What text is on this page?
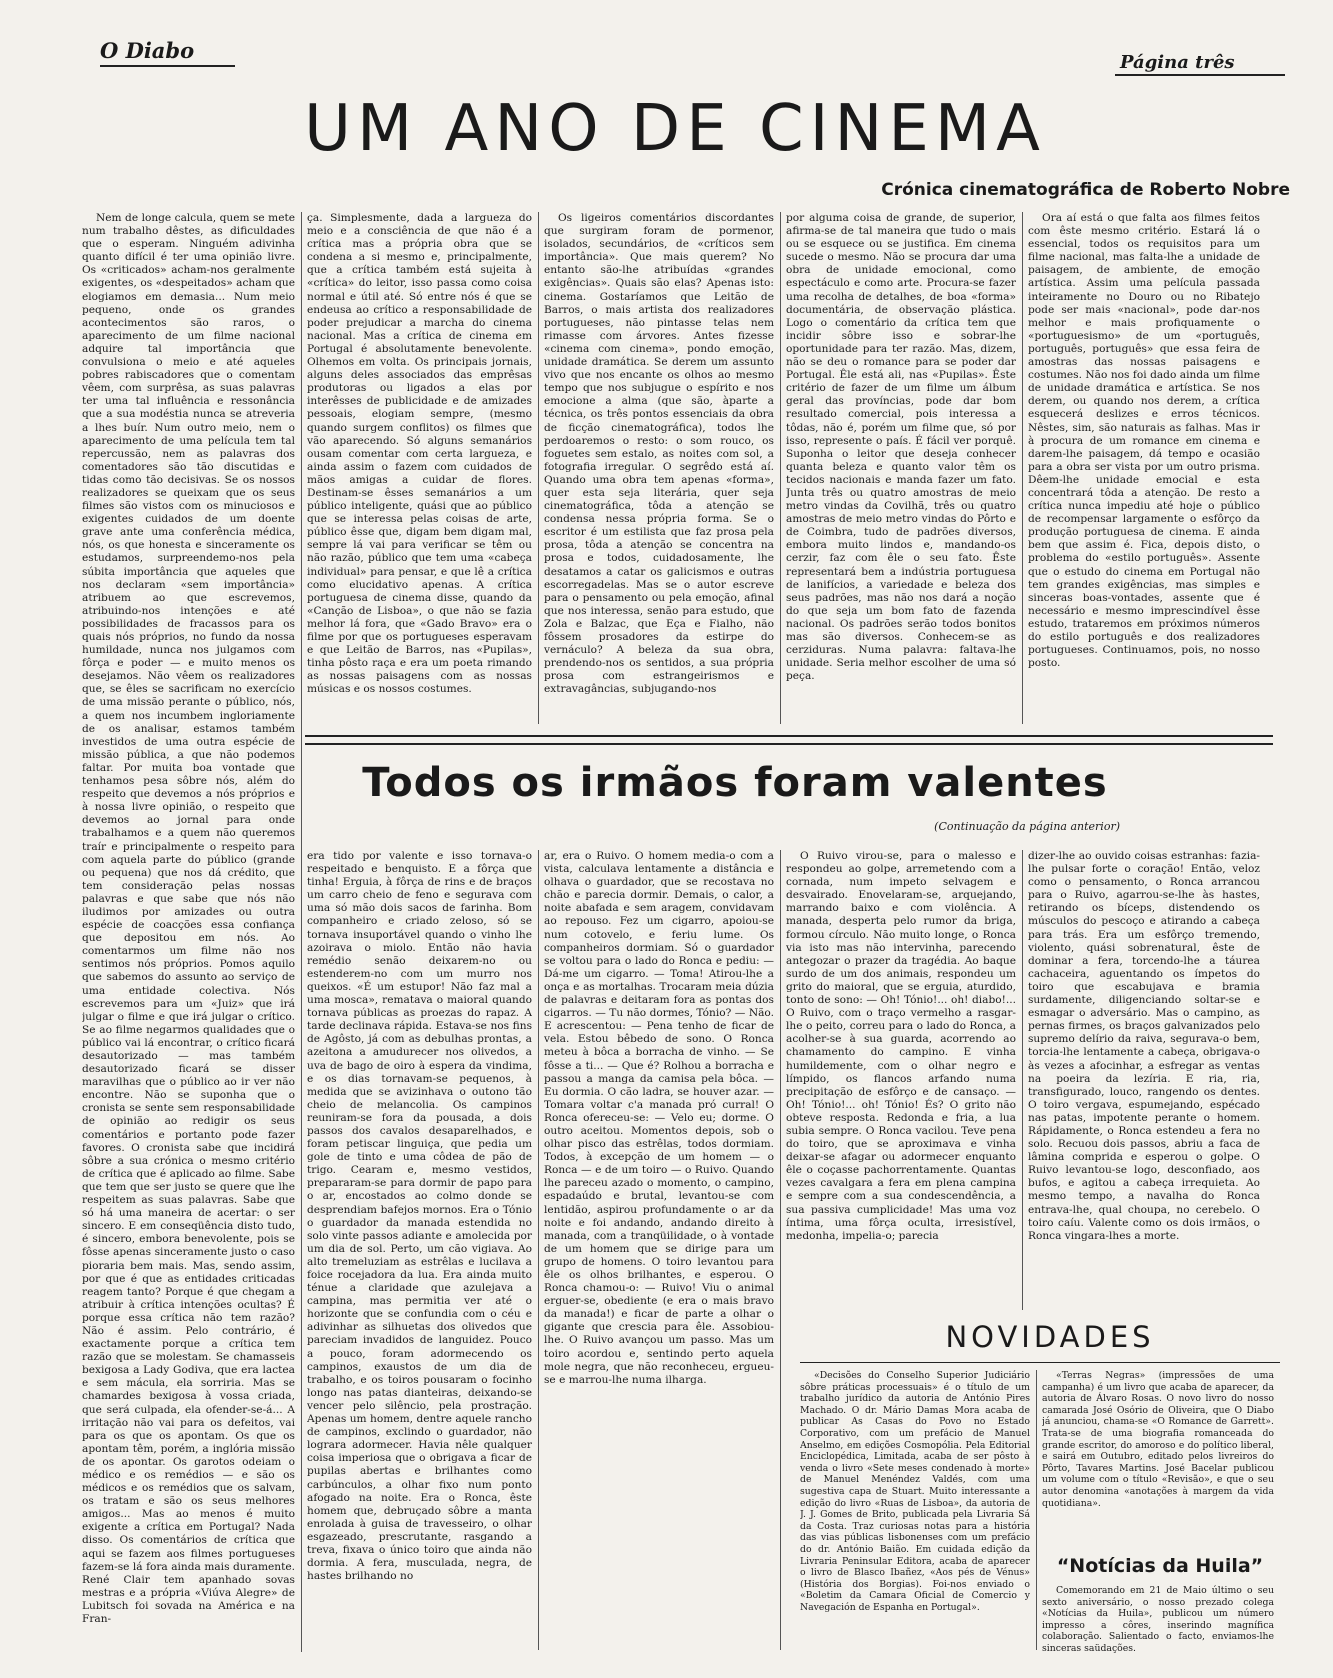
O Diabo	Página três
UM ANO DE CINEMA
Crónica cinematográfica de Roberto Nobre

Nem de longe calcula, quem se mete num trabalho dêstes, as dificuldades que o esperam. Ninguém adivinha quanto difícil é ter uma opinião livre. Os «criticados» acham-nos geralmente exigentes, os «despeitados» acham que elogiamos em demasia... Num meio pequeno, onde os grandes acontecimentos são raros, o aparecimento de um filme nacional adquire tal importância que convulsiona o meio e até aqueles pobres rabiscadores que o comentam vêem, com surprêsa, as suas palavras ter uma tal influência e ressonância que a sua modéstia nunca se atreveria a lhes buír. Num outro meio, nem o aparecimento de uma película tem tal repercussão, nem as palavras dos comentadores são tão discutidas e tidas como tão decisivas. Se os nossos realizadores se queixam que os seus filmes são vistos com os minuciosos e exigentes cuidados de um doente grave ante uma conferência médica, nós, os que honesta e sinceramente os estudamos, surpreendemo-nos pela súbita importância que aqueles que nos declaram «sem importância» atribuem ao que escrevemos, atribuindo-nos intenções e até possibilidades de fracassos para os quais nós próprios, no fundo da nossa humildade, nunca nos julgamos com fôrça e poder — e muito menos os desejamos. Não vêem os realizadores que, se êles se sacrificam no exercício de uma missão perante o público, nós, a quem nos incumbem ingloriamente de os analisar, estamos também investidos de uma outra espécie de missão pública, a que não podemos faltar. Por muita boa vontade que tenhamos pesa sôbre nós, além do respeito que devemos a nós próprios e à nossa livre opinião, o respeito que devemos ao jornal para onde trabalhamos e a quem não queremos traír e principalmente o respeito para com aquela parte do público (grande ou pequena) que nos dá crédito, que tem consideração pelas nossas palavras e que sabe que nós não iludimos por amizades ou outra espécie de coacções essa confiança que depositou em nós. Ao comentarmos um filme não nos sentimos nós próprios. Pomos aquilo que sabemos do assunto ao serviço de uma entidade colectiva. Nós escrevemos para um «Juiz» que irá julgar o filme e que irá julgar o crítico. Se ao filme negarmos qualidades que o público vai lá encontrar, o crítico ficará desautorizado — mas também desautorizado ficará se disser maravilhas que o público ao ir ver não encontre. Não se suponha que o cronista se sente sem responsabilidade de opinião ao redigir os seus comentários e portanto pode fazer favores. O cronista sabe que incidirá sôbre a sua crónica o mesmo critério de crítica que é aplicado ao filme. Sabe que tem que ser justo se quere que lhe respeitem as suas palavras. Sabe que só há uma maneira de acertar: o ser sincero. E em conseqüência disto tudo, é sincero, embora benevolente, pois se fôsse apenas sinceramente justo o caso pioraria bem mais. Mas, sendo assim, por que é que as entidades criticadas reagem tanto? Porque é que chegam a atribuir à crítica intenções ocultas? É porque essa crítica não tem razão? Não é assim. Pelo contrário, é exactamente porque a crítica tem razão que se molestam. Se chamasseis bexigosa a Lady Godiva, que era lactea e sem mácula, ela sorriria. Mas se chamardes bexigosa à vossa criada, que será culpada, ela ofender-se-á... A irritação não vai para os defeitos, vai para os que os apontam. Os que os apontam têm, porém, a inglória missão de os apontar. Os garotos odeiam o médico e os remédios — e são os médicos e os remédios que os salvam, os tratam e são os seus melhores amigos... Mas ao menos é muito exigente a crítica em Portugal? Nada disso. Os comentários de crítica que aqui se fazem aos filmes portugueses fazem-se lá fora ainda mais duramente. René Clair tem apanhado sovas mestras e a própria «Viúva Alegre» de Lubitsch foi sovada na América e na Fran-

ça. Simplesmente, dada a largueza do meio e a consciência de que não é a crítica mas a própria obra que se condena a si mesmo e, principalmente, que a crítica também está sujeita à «crítica» do leitor, isso passa como coisa normal e útil até. Só entre nós é que se endeusa ao crítico a responsabilidade de poder prejudicar a marcha do cinema nacional. Mas a crítica de cinema em Portugal é absolutamente benevolente. Olhemos em volta. Os principais jornais, alguns deles associados das emprêsas produtoras ou ligados a elas por interêsses de publicidade e de amizades pessoais, elogiam sempre, (mesmo quando surgem conflitos) os filmes que vão aparecendo. Só alguns semanários ousam comentar com certa largueza, e ainda assim o fazem com cuidados de mãos amigas a cuidar de flores. Destinam-se êsses semanários a um público inteligente, quási que ao público que se interessa pelas coisas de arte, público êsse que, digam bem digam mal, sempre lá vai para verificar se têm ou não razão, público que tem uma «cabeça individual» para pensar, e que lê a crítica como elucidativo apenas. A crítica portuguesa de cinema disse, quando da «Canção de Lisboa», o que não se fazia melhor lá fora, que «Gado Bravo» era o filme por que os portugueses esperavam e que Leitão de Barros, nas «Pupilas», tinha pôsto raça e era um poeta rimando as nossas paisagens com as nossas músicas e os nossos costumes.

Os ligeiros comentários discordantes que surgiram foram de pormenor, isolados, secundários, de «críticos sem importância». Que mais querem? No entanto são-lhe atribuídas «grandes exigências». Quais são elas? Apenas isto: cinema. Gostaríamos que Leitão de Barros, o mais artista dos realizadores portugueses, não pintasse telas nem rimasse com árvores. Antes fizesse «cinema com cinema», pondo emoção, unidade dramática. Se derem um assunto vivo que nos encante os olhos ao mesmo tempo que nos subjugue o espírito e nos emocione a alma (que são, àparte a técnica, os três pontos essenciais da obra de ficção cinematográfica), todos lhe perdoaremos o resto: o som rouco, os foguetes sem estalo, as noites com sol, a fotografia irregular. O segrêdo está aí. Quando uma obra tem apenas «forma», quer esta seja literária, quer seja cinematográfica, tôda a atenção se condensa nessa própria forma. Se o escritor é um estilista que faz prosa pela prosa, tôda a atenção se concentra na prosa e todos, cuidadosamente, lhe desatamos a catar os galicismos e outras escorregadelas. Mas se o autor escreve para o pensamento ou pela emoção, afinal que nos interessa, senão para estudo, que Zola e Balzac, que Eça e Fialho, não fôssem prosadores da estirpe do vernáculo? A beleza da sua obra, prendendo-nos os sentidos, a sua própria prosa com estrangeirismos e extravagâncias, subjugando-nos

por alguma coisa de grande, de superior, afirma-se de tal maneira que tudo o mais ou se esquece ou se justifica. Em cinema sucede o mesmo. Não se procura dar uma obra de unidade emocional, como espectáculo e como arte. Procura-se fazer uma recolha de detalhes, de boa «forma» documentária, de observação plástica. Logo o comentário da crítica tem que incidir sôbre isso e sobrar-lhe oportunidade para ter razão. Mas, dizem, não se deu o romance para se poder dar Portugal. Êle está ali, nas «Pupilas». Êste critério de fazer de um filme um álbum geral das províncias, pode dar bom resultado comercial, pois interessa a tôdas, não é, porém um filme que, só por isso, represente o país. É fácil ver porquê. Suponha o leitor que deseja conhecer quanta beleza e quanto valor têm os tecidos nacionais e manda fazer um fato. Junta três ou quatro amostras de meio metro vindas da Covilhã, três ou quatro amostras de meio metro vindas do Pôrto e de Coimbra, tudo de padrões diversos, embora muito lindos e, mandando-os cerzir, faz com êle o seu fato. Êste representará bem a indústria portuguesa de lanifícios, a variedade e beleza dos seus padrões, mas não nos dará a noção do que seja um bom fato de fazenda nacional. Os padrões serão todos bonitos mas são diversos. Conhecem-se as cerziduras. Numa palavra: faltava-lhe unidade. Seria melhor escolher de uma só peça.

Ora aí está o que falta aos filmes feitos com êste mesmo critério. Estará lá o essencial, todos os requisitos para um filme nacional, mas falta-lhe a unidade de paisagem, de ambiente, de emoção artística. Assim uma película passada inteiramente no Douro ou no Ribatejo pode ser mais «nacional», pode dar-nos melhor e mais profiquamente o «portuguesismo» de um «português, português, português» que essa feira de amostras das nossas paisagens e costumes. Não nos foi dado ainda um filme de unidade dramática e artística. Se nos derem, ou quando nos derem, a crítica esquecerá deslizes e erros técnicos. Nêstes, sim, são naturais as falhas. Mas ir à procura de um romance em cinema e darem-lhe paisagem, dá tempo e ocasião para a obra ser vista por um outro prisma. Dêem-lhe unidade emocial e esta concentrará tôda a atenção. De resto a crítica nunca impediu até hoje o público de recompensar largamente o esfôrço da produção portuguesa de cinema. E ainda bem que assim é. Fica, depois disto, o problema do «estilo português». Assente que o estudo do cinema em Portugal não tem grandes exigências, mas simples e sinceras boas-vontades, assente que é necessário e mesmo imprescindível êsse estudo, trataremos em próximos números do estilo português e dos realizadores portugueses. Continuamos, pois, no nosso posto.

Todos os irmãos foram valentes
(Continuação da página anterior)

era tido por valente e isso tornava-o respeitado e benquisto. E a fôrça que tinha! Erguia, à fôrça de rins e de braços um carro cheio de feno e segurava com uma só mão dois sacos de farinha. Bom companheiro e criado zeloso, só se tornava insuportável quando o vinho lhe azoirava o miolo. Então não havia remédio senão deixarem-no ou estenderem-no com um murro nos queixos. «É um estupor! Não faz mal a uma mosca», rematava o maioral quando tornava públicas as proezas do rapaz. A tarde declinava rápida. Estava-se nos fins de Agôsto, já com as debulhas prontas, a azeitona a amudurecer nos olivedos, a uva de bago de oiro à espera da vindima, e os dias tornavam-se pequenos, à medida que se avizinhava o outono tão cheio de melancolia. Os campinos reuniram-se fora da pousada, a dois passos dos cavalos desaparelhados, e foram petiscar linguiça, que pedia um gole de tinto e uma côdea de pão de trigo. Cearam e, mesmo vestidos, prepararam-se para dormir de papo para o ar, encostados ao colmo donde se desprendiam bafejos mornos. Era o Tónio o guardador da manada estendida no solo vinte passos adiante e amolecida por um dia de sol. Perto, um cão vigiava. Ao alto tremeluziam as estrêlas e lucilava a foice rocejadora da lua. Era ainda muito ténue a claridade que azulejava a campina, mas permitia ver até o horizonte que se confundia com o céu e adivinhar as silhuetas dos olivedos que pareciam invadidos de languidez. Pouco a pouco, foram adormecendo os campinos, exaustos de um dia de trabalho, e os toiros pousaram o focinho longo nas patas dianteiras, deixando-se vencer pelo silêncio, pela prostração. Apenas um homem, dentre aquele rancho de campinos, exclindo o guardador, não lograra adormecer. Havia nêle qualquer coisa imperiosa que o obrigava a ficar de pupilas abertas e brilhantes como carbúnculos, a olhar fixo num ponto afogado na noite. Era o Ronca, êste homem que, debruçado sôbre a manta enrolada à guisa de travesseiro, o olhar esgazeado, prescrutante, rasgando a treva, fixava o único toiro que ainda não dormia. A fera, musculada, negra, de hastes brilhando no

ar, era o Ruivo. O homem media-o com a vista, calculava lentamente a distância e olhava o guardador, que se recostava no chão e parecia dormir. Demais, o calor, a noite abafada e sem aragem, convidavam ao repouso. Fez um cigarro, apoiou-se num cotovelo, e feriu lume. Os companheiros dormiam. Só o guardador se voltou para o lado do Ronca e pediu: — Dá-me um cigarro. — Toma! Atirou-lhe a onça e as mortalhas. Trocaram meia dúzia de palavras e deitaram fora as pontas dos cigarros. — Tu não dormes, Tónio? — Não. E acrescentou: — Pena tenho de ficar de vela. Estou bêbedo de sono. O Ronca meteu à bôca a borracha de vinho. — Se fôsse a ti... — Que é? Rolhou a borracha e passou a manga da camisa pela bôca. — Eu dormia. O cão ladra, se houver azar. — Tomara voltar c'a manada pró curral! O Ronca ofereceu-se: — Velo eu; dorme. O outro aceitou. Momentos depois, sob o olhar pisco das estrêlas, todos dormiam. Todos, à excepção de um homem — o Ronca — e de um toiro — o Ruivo. Quando lhe pareceu azado o momento, o campino, espadaúdo e brutal, levantou-se com lentidão, aspirou profundamente o ar da noite e foi andando, andando direito à manada, com a tranqüilidade, o à vontade de um homem que se dirige para um grupo de homens. O toiro levantou para êle os olhos brilhantes, e esperou. O Ronca chamou-o: — Ruivo! Viu o animal erguer-se, obediente (e era o mais bravo da manada!) e ficar de parte a olhar o gigante que crescia para êle. Assobiou-lhe. O Ruivo avançou um passo. Mas um toiro acordou e, sentindo perto aquela mole negra, que não reconheceu, ergueu-se e marrou-lhe numa ilharga.

O Ruivo virou-se, para o malesso e respondeu ao golpe, arremetendo com a cornada, num impeto selvagem e desvairado. Enovelaram-se, arquejando, marrando baixo e com violência. A manada, desperta pelo rumor da briga, formou círculo. Não muito longe, o Ronca via isto mas não intervinha, parecendo antegozar o prazer da tragédia. Ao baque surdo de um dos animais, respondeu um grito do maioral, que se erguia, aturdido, tonto de sono: — Oh! Tónio!... oh! diabo!... O Ruivo, com o traço vermelho a rasgar-lhe o peito, correu para o lado do Ronca, a acolher-se à sua guarda, acorrendo ao chamamento do campino. E vinha humildemente, com o olhar negro e límpido, os flancos arfando numa precipitação de esfôrço e de cansaço. — Oh! Tónio!... oh! Tónio! És? O grito não obteve resposta. Redonda e fria, a lua subia sempre. O Ronca vacilou. Teve pena do toiro, que se aproximava e vinha deixar-se afagar ou adormecer enquanto êle o coçasse pachorrentamente. Quantas vezes cavalgara a fera em plena campina e sempre com a sua condescendência, a sua passiva cumplicidade! Mas uma voz íntima, uma fôrça oculta, irresistível, medonha, impelia-o; parecia

dizer-lhe ao ouvido coisas estranhas: fazia-lhe pulsar forte o coração! Então, veloz como o pensamento, o Ronca arrancou para o Ruivo, agarrou-se-lhe às hastes, retirando os bíceps, distendendo os músculos do pescoço e atirando a cabeça para trás. Era um esfôrço tremendo, violento, quási sobrenatural, êste de dominar a fera, torcendo-lhe a táurea cachaceira, aguentando os ímpetos do toiro que escabujava e bramia surdamente, diligenciando soltar-se e esmagar o adversário. Mas o campino, as pernas firmes, os braços galvanizados pelo supremo delírio da raiva, segurava-o bem, torcia-lhe lentamente a cabeça, obrigava-o às vezes a afocinhar, a esfregar as ventas na poeira da lezíria. E ria, ria, transfigurado, louco, rangendo os dentes. O toiro vergava, espumejando, espécado nas patas, impotente perante o homem. Rápidamente, o Ronca estendeu a fera no solo. Recuou dois passos, abriu a faca de lâmina comprida e esperou o golpe. O Ruivo levantou-se logo, desconfiado, aos bufos, e agitou a cabeça irrequieta. Ao mesmo tempo, a navalha do Ronca entrava-lhe, qual choupa, no cerebelo. O toiro caíu. Valente como os dois irmãos, o Ronca vingara-lhes a morte.

NOVIDADES

«Decisões do Conselho Superior Judiciário sôbre práticas processuais» é o título de um trabalho jurídico da autoria de António Pires Machado. O dr. Mário Damas Mora acaba de publicar As Casas do Povo no Estado Corporativo, com um prefácio de Manuel Anselmo, em edições Cosmopólia. Pela Editorial Enciclopédica, Limitada, acaba de ser pôsto à venda o livro «Sete meses condenado à morte» de Manuel Menéndez Valdés, com uma sugestiva capa de Stuart. Muito interessante a edição do livro «Ruas de Lisboa», da autoria de J. J. Gomes de Brito, publicada pela Livraria Sá da Costa. Traz curiosas notas para a história das vias públicas lisbonenses com um prefácio do dr. António Baião. Em cuidada edição da Livraria Peninsular Editora, acaba de aparecer o livro de Blasco Ibañez, «Aos pés de Vénus» (História dos Borgias). Foi-nos enviado o «Boletim da Camara Oficial de Comercio y Navegación de Espanha en Portugal».

«Terras Negras» (impressões de uma campanha) é um livro que acaba de aparecer, da autoria de Álvaro Rosas. O novo livro do nosso camarada José Osório de Oliveira, que O Diabo já anunciou, chama-se «O Romance de Garrett». Trata-se de uma biografia romanceada do grande escritor, do amoroso e do político liberal, e sairá em Outubro, editado pelos livreiros do Pôrto, Tavares Martins. José Bacelar publicou um volume com o título «Revisão», e que o seu autor denomina «anotações à margem da vida quotidiana».

“Notícias da Huila”

Comemorando em 21 de Maio último o seu sexto aniversário, o nosso prezado colega «Notícias da Huila», publicou um número impresso a côres, inserindo magnífica colaboração. Salientado o facto, enviamos-lhe sinceras saüdações.
